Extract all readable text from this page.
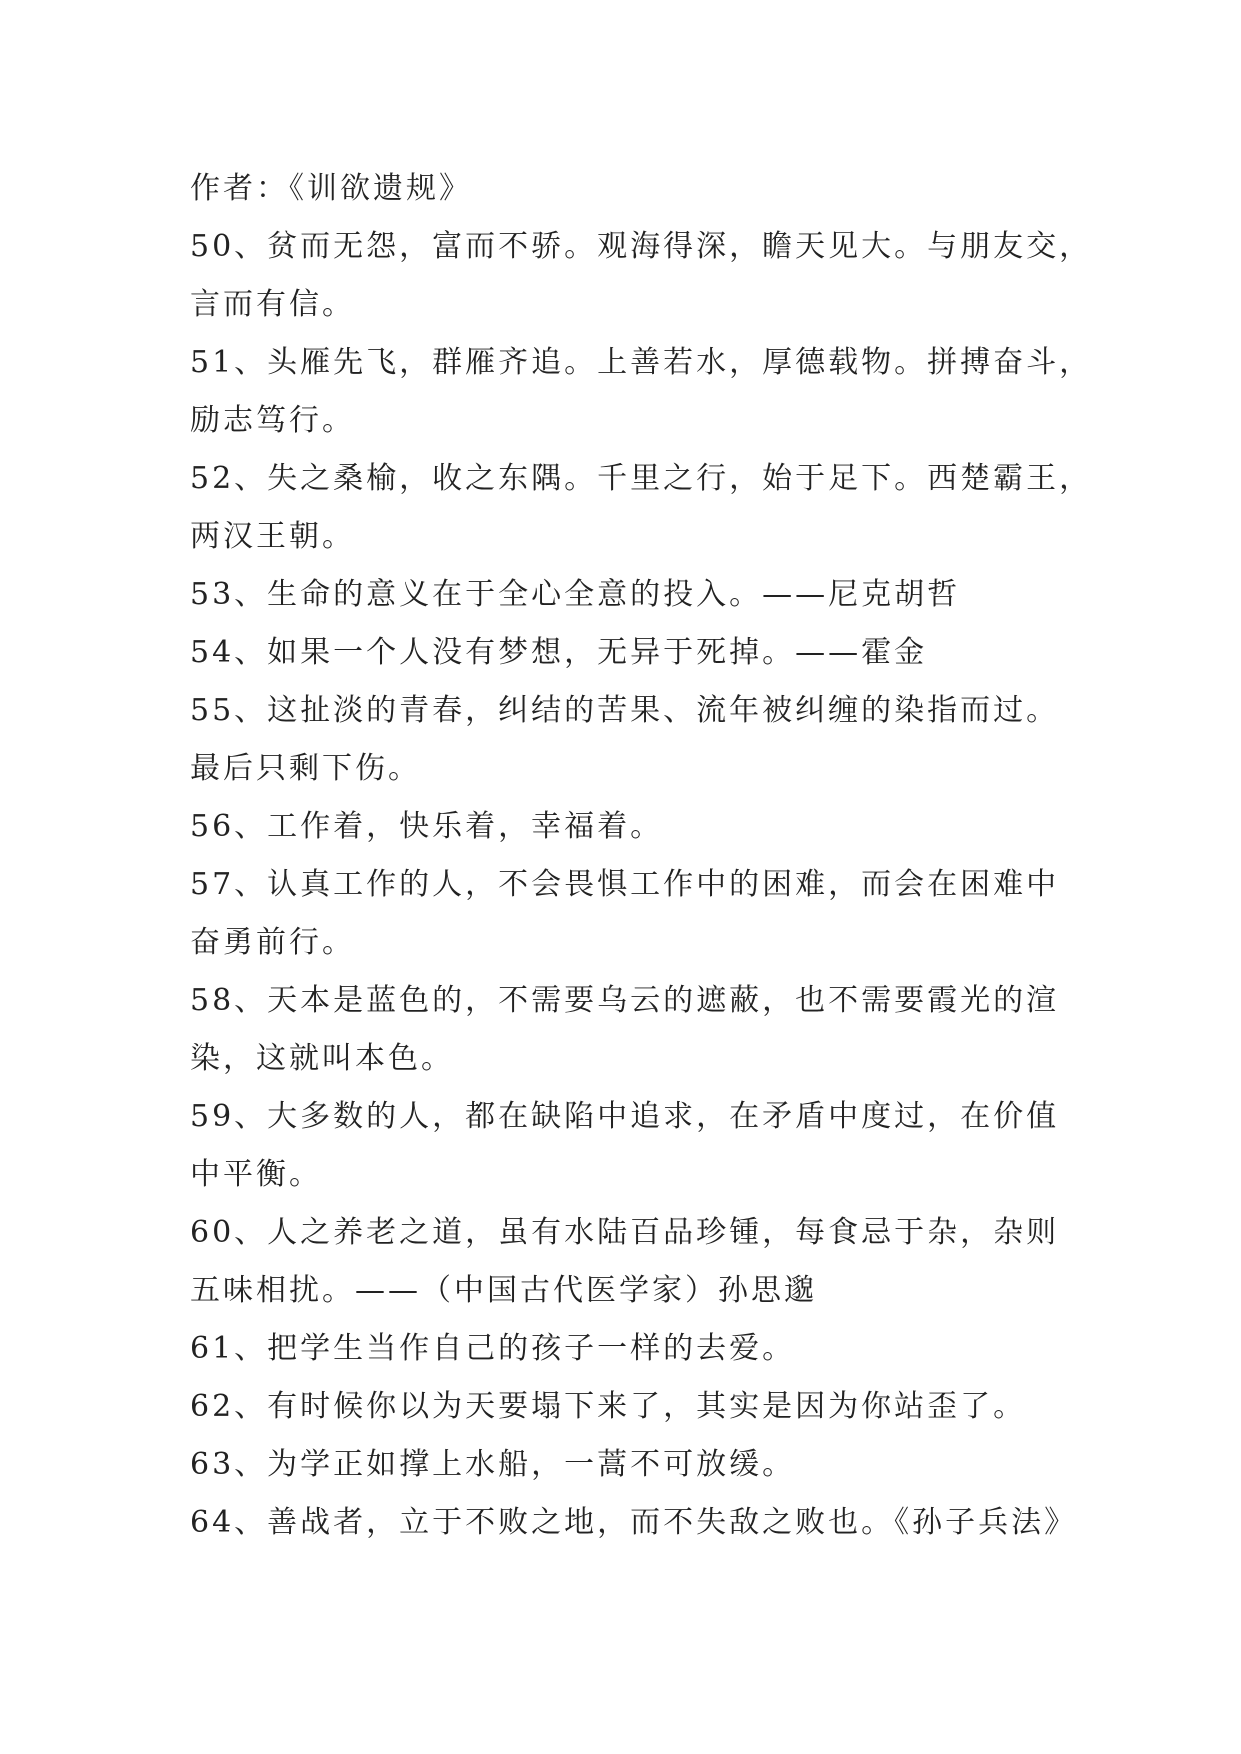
作者：《训欲遗规》
50、贫而无怨，富而不骄。观海得深，瞻天见大。与朋友交，
言而有信。
51、头雁先飞，群雁齐追。上善若水，厚德载物。拼搏奋斗，
励志笃行。
52、失之桑榆，收之东隅。千里之行，始于足下。西楚霸王，
两汉王朝。
53、生命的意义在于全心全意的投入。——尼克胡哲
54、如果一个人没有梦想，无异于死掉。——霍金
55、这扯淡的青春，纠结的苦果、流年被纠缠的染指而过。
最后只剩下伤。
56、工作着，快乐着，幸福着。
57、认真工作的人，不会畏惧工作中的困难，而会在困难中
奋勇前行。
58、天本是蓝色的，不需要乌云的遮蔽，也不需要霞光的渲
染，这就叫本色。
59、大多数的人，都在缺陷中追求，在矛盾中度过，在价值
中平衡。
60、人之养老之道，虽有水陆百品珍锺，每食忌于杂，杂则
五味相扰。——（中国古代医学家）孙思邈
61、把学生当作自己的孩子一样的去爱。
62、有时候你以为天要塌下来了，其实是因为你站歪了。
63、为学正如撑上水船，一蒿不可放缓。
64、善战者，立于不败之地，而不失敌之败也。《孙子兵法》
